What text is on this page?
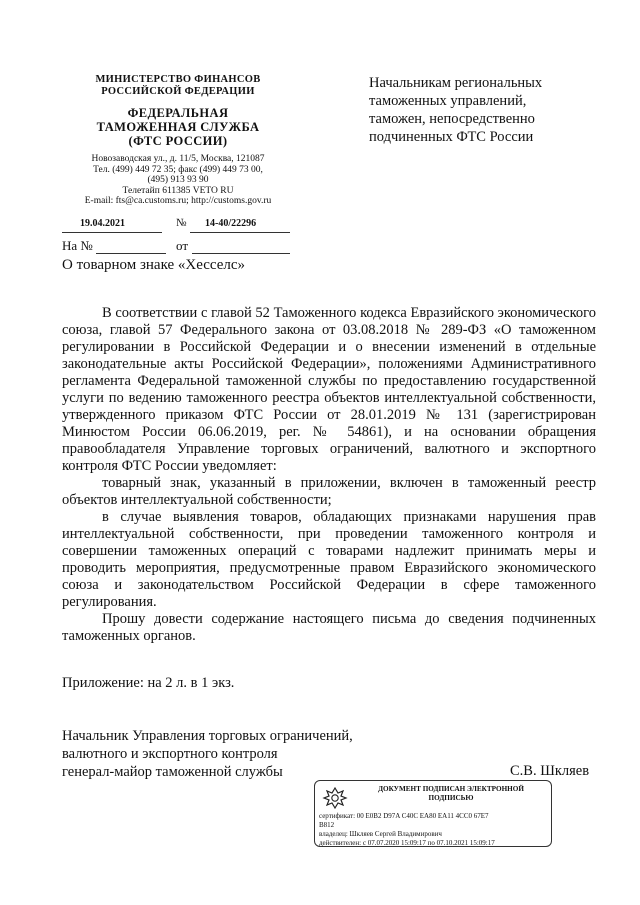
МИНИСТЕРСТВО ФИНАНСОВ
РОССИЙСКОЙ ФЕДЕРАЦИИ
ФЕДЕРАЛЬНАЯ
ТАМОЖЕННАЯ СЛУЖБА
(ФТС РОССИИ)
Новозаводская ул., д. 11/5, Москва, 121087
Тел. (499) 449 72 35; факс (499) 449 73 00,
(495) 913 93 90
Телетайп 611385 VETO RU
E-mail: fts@ca.customs.ru; http://customs.gov.ru
19.04.2021	№ 14-40/22296
На №	от
О товарном знаке «Хесселс»
Начальникам региональных
таможенных управлений,
таможен, непосредственно
подчиненных ФТС России

В соответствии с главой 52 Таможенного кодекса Евразийского экономического союза, главой 57 Федерального закона от 03.08.2018 № 289-ФЗ «О таможенном регулировании в Российской Федерации и о внесении изменений в отдельные законодательные акты Российской Федерации», положениями Административного регламента Федеральной таможенной службы по предоставлению государственной услуги по ведению таможенного реестра объектов интеллектуальной собственности, утвержденного приказом ФТС России от 28.01.2019 № 131 (зарегистрирован Минюстом России 06.06.2019, рег. № 54861), и на основании обращения правообладателя Управление торговых ограничений, валютного и экспортного контроля ФТС России уведомляет:

товарный знак, указанный в приложении, включен в таможенный реестр объектов интеллектуальной собственности;

в случае выявления товаров, обладающих признаками нарушения прав интеллектуальной собственности, при проведении таможенного контроля и совершении таможенных операций с товарами надлежит принимать меры и проводить мероприятия, предусмотренные правом Евразийского экономического союза и законодательством Российской Федерации в сфере таможенного регулирования.

Прошу довести содержание настоящего письма до сведения подчиненных таможенных органов.

Приложение: на 2 л. в 1 экз.
Начальник Управления торговых ограничений,
валютного и экспортного контроля
генерал-майор таможенной службы	С.В. Шкляев
ДОКУМЕНТ ПОДПИСАН ЭЛЕКТРОННОЙ
ПОДПИСЬЮ
сертификат: 00 E0B2 D97A C40C EA80 EA11 4CC0 67E7
B812
владелец: Шкляев Сергей Владимирович
действителен: с 07.07.2020 15:09:17 по 07.10.2021 15:09:17
